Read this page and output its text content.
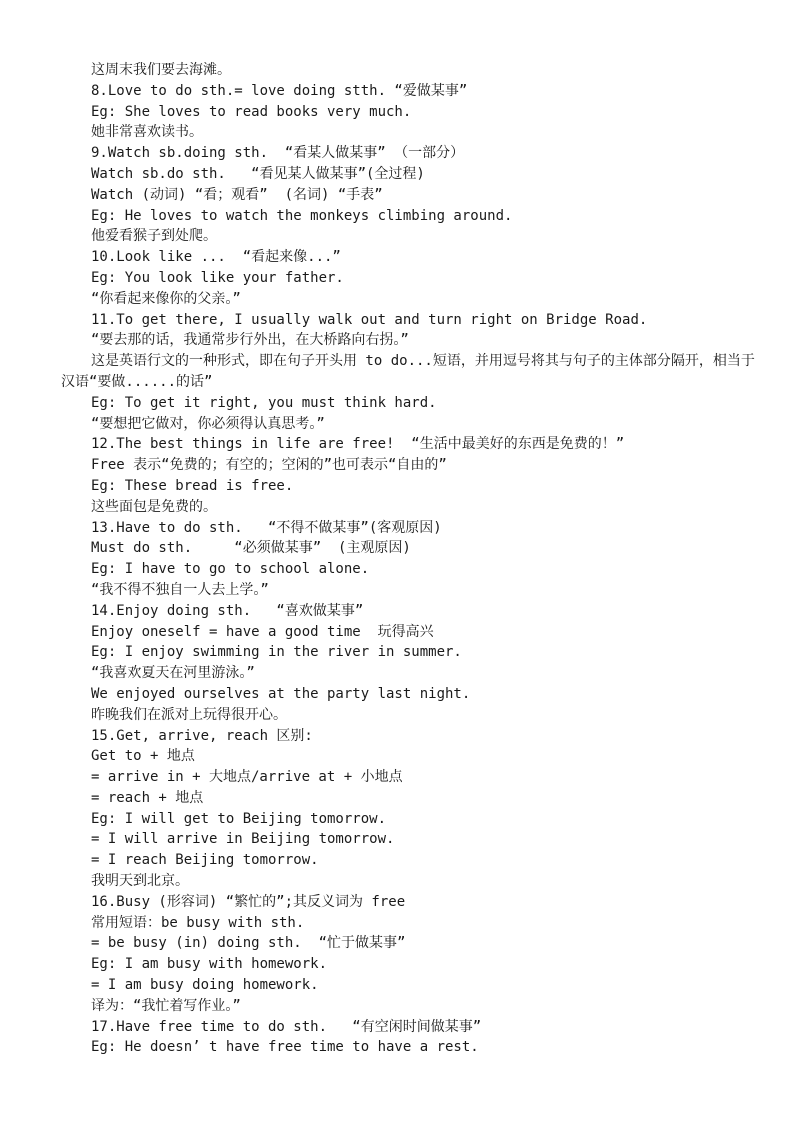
这周末我们要去海滩。

8.Love to do sth.= love doing stth. “爱做某事”

Eg: She loves to read books very much.

她非常喜欢读书。

9.Watch sb.doing sth.  “看某人做某事” （一部分）

Watch sb.do sth.   “看见某人做某事”(全过程)

Watch (动词) “看；观看”  (名词) “手表”

Eg: He loves to watch the monkeys climbing around.

他爱看猴子到处爬。

10.Look like ...  “看起来像...”

Eg: You look like your father.

“你看起来像你的父亲。”

11.To get there, I usually walk out and turn right on Bridge Road.

“要去那的话，我通常步行外出，在大桥路向右拐。”

这是英语行文的一种形式，即在句子开头用 to do...短语，并用逗号将其与句子的主体部分隔开，相当于汉语“要做......的话”

Eg: To get it right, you must think hard.

“要想把它做对，你必须得认真思考。”

12.The best things in life are free!  “生活中最美好的东西是免费的！”

Free 表示“免费的；有空的；空闲的”也可表示“自由的”

Eg: These bread is free.

这些面包是免费的。

13.Have to do sth.   “不得不做某事”(客观原因)

Must do sth.     “必须做某事”  (主观原因)

Eg: I have to go to school alone.

“我不得不独自一人去上学。”

14.Enjoy doing sth.   “喜欢做某事”

Enjoy oneself = have a good time  玩得高兴

Eg: I enjoy swimming in the river in summer.

“我喜欢夏天在河里游泳。”

We enjoyed ourselves at the party last night.

昨晚我们在派对上玩得很开心。

15.Get, arrive, reach 区别:

Get to + 地点

= arrive in + 大地点/arrive at + 小地点

= reach + 地点

Eg: I will get to Beijing tomorrow.

= I will arrive in Beijing tomorrow.

= I reach Beijing tomorrow.

我明天到北京。

16.Busy (形容词) “繁忙的”;其反义词为 free

常用短语：be busy with sth.

= be busy (in) doing sth.  “忙于做某事”

Eg: I am busy with homework.

= I am busy doing homework.

译为：“我忙着写作业。”

17.Have free time to do sth.   “有空闲时间做某事”

Eg: He doesn’ t have free time to have a rest.
